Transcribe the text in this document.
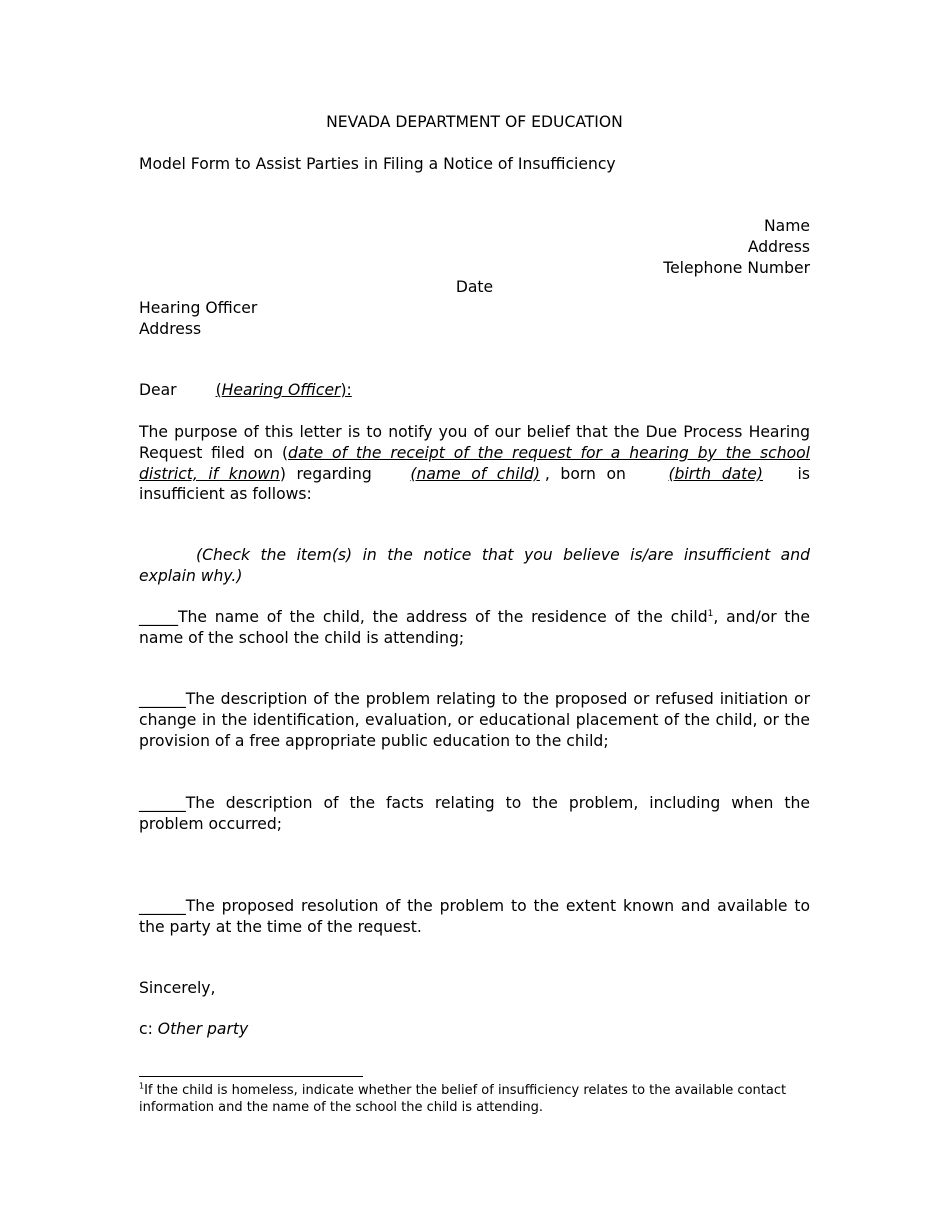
NEVADA DEPARTMENT OF EDUCATION
Model Form to Assist Parties in Filing a Notice of Insufficiency
Name
Address
Telephone Number
Date
Hearing Officer
Address
Dear	(Hearing Officer):
The purpose of this letter is to notify you of our belief that the Due Process Hearing Request filed on (date of the receipt of the request for a hearing by the school district, if known) regarding (name of child) , born on (birth date) is insufficient as follows:
(Check the item(s) in the notice that you believe is/are insufficient and explain why.)
_____The name of the child, the address of the residence of the child$^1$, and/or the name of the school the child is attending;
______The description of the problem relating to the proposed or refused initiation or change in the identification, evaluation, or educational placement of the child, or the provision of a free appropriate public education to the child;
______The description of the facts relating to the problem, including when the problem occurred;
______The proposed resolution of the problem to the extent known and available to the party at the time of the request.
Sincerely,
c: Other party
$^1$If the child is homeless, indicate whether the belief of insufficiency relates to the available contact information and the name of the school the child is attending.
